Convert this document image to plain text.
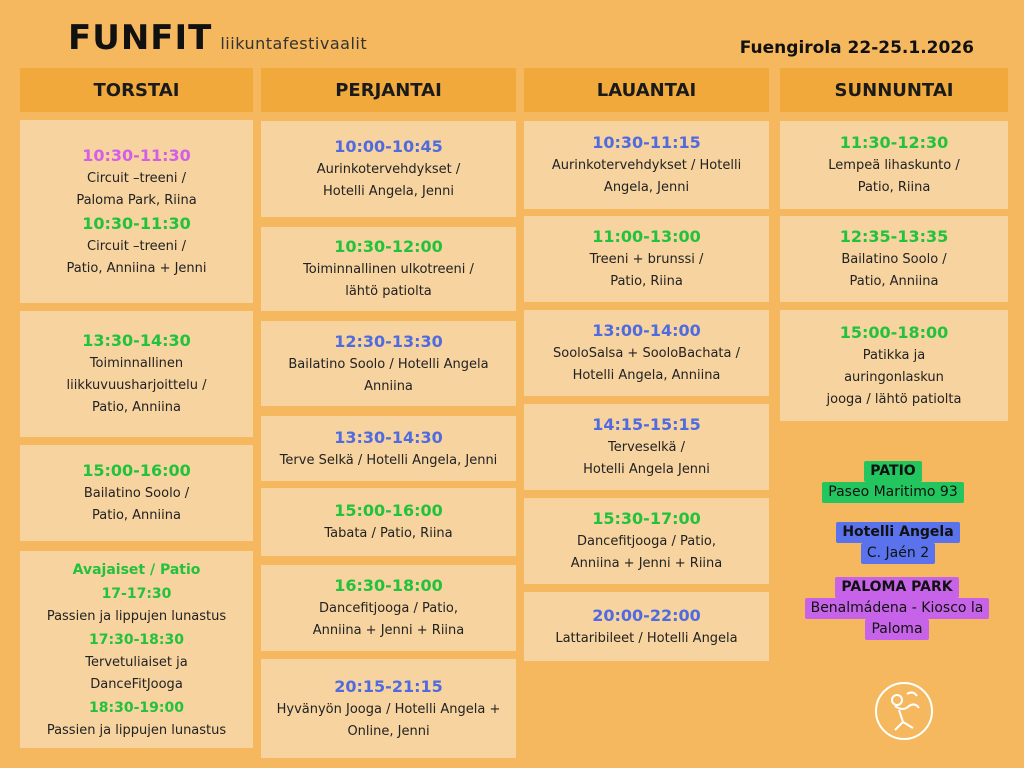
FUNFIT liikuntafestivaalit	Fuengirola 22-25.1.2026
TORSTAI
10:30-11:30
Circuit –treeni /
Paloma Park, Riina
10:30-11:30
Circuit –treeni /
Patio, Anniina + Jenni
13:30-14:30
Toiminnallinen
liikkuvuusharjoittelu /
Patio, Anniina
15:00-16:00
Bailatino Soolo /
Patio, Anniina
Avajaiset / Patio
17-17:30
Passien ja lippujen lunastus
17:30-18:30
Tervetuliaiset ja
DanceFitJooga
18:30-19:00
Passien ja lippujen lunastus
PERJANTAI
10:00-10:45
Aurinkotervehdykset /
Hotelli Angela, Jenni
10:30-12:00
Toiminnallinen ulkotreeni /
lähtö patiolta
12:30-13:30
Bailatino Soolo / Hotelli Angela
Anniina
13:30-14:30
Terve Selkä / Hotelli Angela, Jenni
15:00-16:00
Tabata / Patio, Riina
16:30-18:00
Dancefitjooga / Patio,
Anniina + Jenni + Riina
20:15-21:15
Hyvänyön Jooga / Hotelli Angela +
Online, Jenni
LAUANTAI
10:30-11:15
Aurinkotervehdykset / Hotelli
Angela, Jenni
11:00-13:00
Treeni + brunssi /
Patio, Riina
13:00-14:00
SooloSalsa + SooloBachata /
Hotelli Angela, Anniina
14:15-15:15
Terveselkä /
Hotelli Angela Jenni
15:30-17:00
Dancefitjooga / Patio,
Anniina + Jenni + Riina
20:00-22:00
Lattaribileet / Hotelli Angela
SUNNUNTAI
11:30-12:30
Lempeä lihaskunto /
Patio, Riina
12:35-13:35
Bailatino Soolo /
Patio, Anniina
15:00-18:00
Patikka ja
auringonlaskun
jooga / lähtö patiolta
PATIO
Paseo Maritimo 93
Hotelli Angela
C. Jaén 2
PALOMA PARK
Benalmádena - Kiosco la
Paloma
